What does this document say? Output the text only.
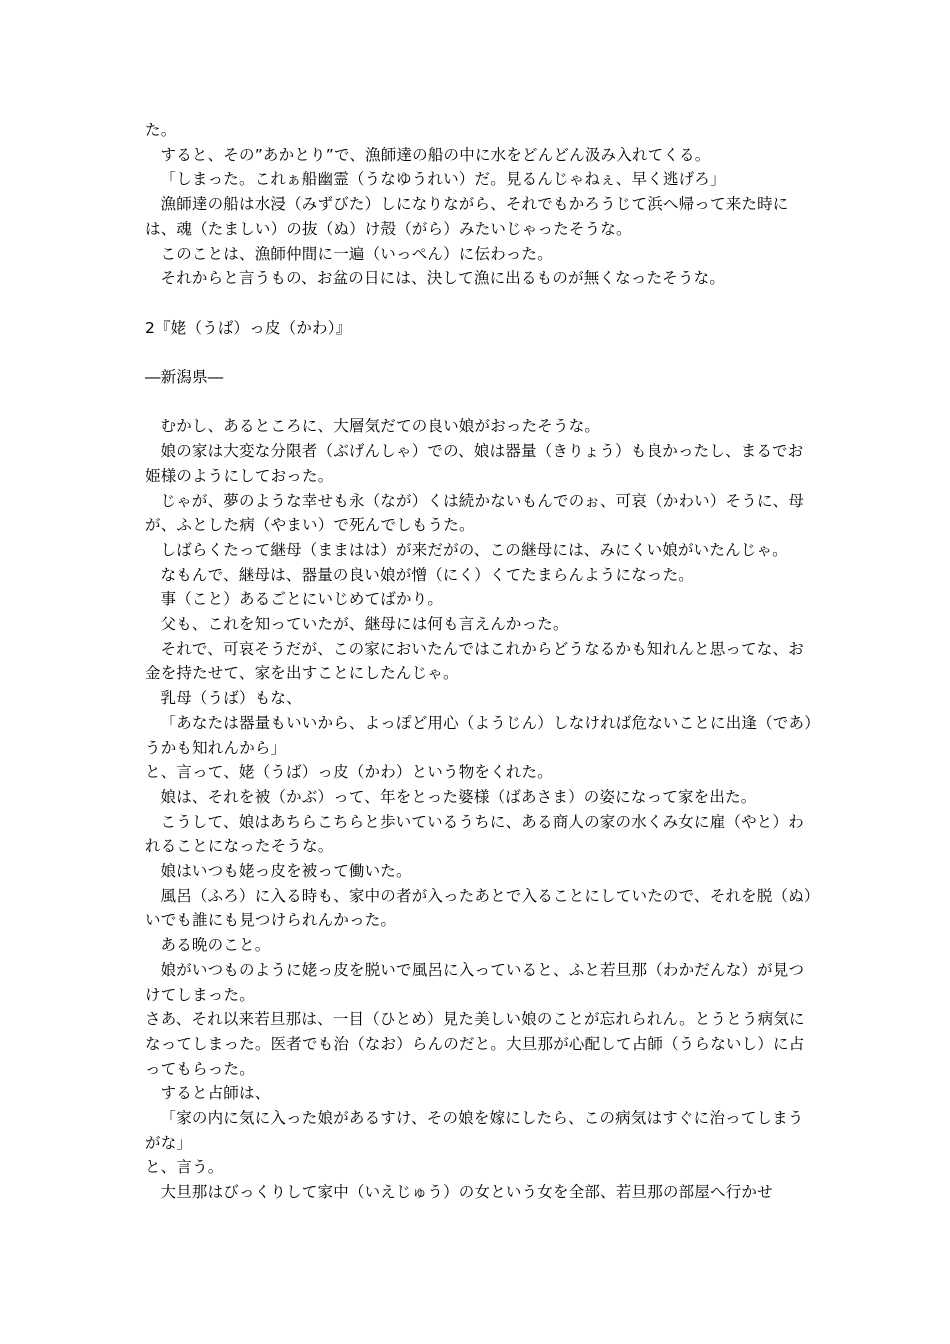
た。

すると、その”あかとり”で、漁師達の船の中に水をどんどん汲み入れてくる。

「しまった。これぁ船幽霊（うなゆうれい）だ。見るんじゃねぇ、早く逃げろ」

漁師達の船は水浸（みずびた）しになりながら、それでもかろうじて浜へ帰って来た時には、魂（たましい）の抜（ぬ）け殻（がら）みたいじゃったそうな。

このことは、漁師仲間に一遍（いっぺん）に伝わった。

それからと言うもの、お盆の日には、決して漁に出るものが無くなったそうな。

2『姥（うば）っ皮（かわ）』

―新潟県―

むかし、あるところに、大層気だての良い娘がおったそうな。

娘の家は大変な分限者（ぶげんしゃ）での、娘は器量（きりょう）も良かったし、まるでお姫様のようにしておった。

じゃが、夢のような幸せも永（なが）くは続かないもんでのぉ、可哀（かわい）そうに、母が、ふとした病（やまい）で死んでしもうた。

しばらくたって継母（ままはは）が来だがの、この継母には、みにくい娘がいたんじゃ。

なもんで、継母は、器量の良い娘が憎（にく）くてたまらんようになった。

事（こと）あるごとにいじめてばかり。

父も、これを知っていたが、継母には何も言えんかった。

それで、可哀そうだが、この家においたんではこれからどうなるかも知れんと思ってな、お金を持たせて、家を出すことにしたんじゃ。

乳母（うば）もな、

「あなたは器量もいいから、よっぽど用心（ようじん）しなければ危ないことに出逢（であ）うかも知れんから」

と、言って、姥（うば）っ皮（かわ）という物をくれた。

娘は、それを被（かぶ）って、年をとった婆様（ばあさま）の姿になって家を出た。

こうして、娘はあちらこちらと歩いているうちに、ある商人の家の水くみ女に雇（やと）われることになったそうな。

娘はいつも姥っ皮を被って働いた。

風呂（ふろ）に入る時も、家中の者が入ったあとで入ることにしていたので、それを脱（ぬ）いでも誰にも見つけられんかった。

ある晩のこと。

娘がいつものように姥っ皮を脱いで風呂に入っていると、ふと若旦那（わかだんな）が見つけてしまった。

さあ、それ以来若旦那は、一目（ひとめ）見た美しい娘のことが忘れられん。とうとう病気になってしまった。医者でも治（なお）らんのだと。大旦那が心配して占師（うらないし）に占ってもらった。

すると占師は、

「家の内に気に入った娘があるすけ、その娘を嫁にしたら、この病気はすぐに治ってしまうがな」

と、言う。

大旦那はびっくりして家中（いえじゅう）の女という女を全部、若旦那の部屋へ行かせ
